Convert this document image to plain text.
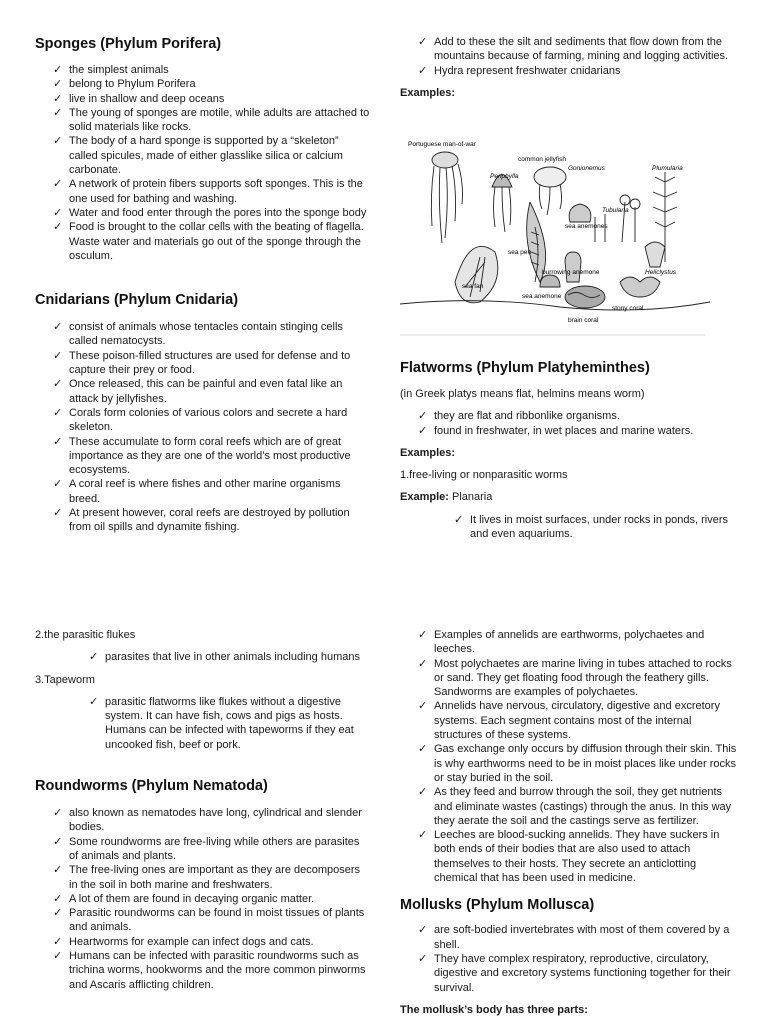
Sponges (Phylum Porifera)
✓ the simplest animals
✓ belong to Phylum Porifera
✓ live in shallow and deep oceans
✓ The young of sponges are motile, while adults are attached to solid materials like rocks.
✓ The body of a hard sponge is supported by a “skeleton” called spicules, made of either glasslike silica or calcium carbonate.
✓ A network of protein fibers supports soft sponges. This is the one used for bathing and washing.
✓ Water and food enter through the pores into the sponge body
✓ Food is brought to the collar cells with the beating of flagella. Waste water and materials go out of the sponge through the osculum.
Cnidarians (Phylum Cnidaria)
✓ consist of animals whose tentacles contain stinging cells called nematocysts.
✓ These poison-filled structures are used for defense and to capture their prey or food.
✓ Once released, this can be painful and even fatal like an attack by jellyfishes.
✓ Corals form colonies of various colors and secrete a hard skeleton.
✓ These accumulate to form coral reefs which are of great importance as they are one of the world’s most productive ecosystems.
✓ A coral reef is where fishes and other marine organisms breed.
✓ At present however, coral reefs are destroyed by pollution from oil spills and dynamite fishing.
✓ Add to these the silt and sediments that flow down from the mountains because of farming, mining and logging activities.
✓ Hydra represent freshwater cnidarians

Examples:

Portuguese man-of-war
common jellyfish
Periphylla
Gonionemus	Plumularia
Tubularia
sea anemones
sea pen
burrowing anemone	Heliclystus
sea fan
sea anemone
stony coral
brain coral
Flatworms (Phylum Platyheminthes)

(in Greek platys means flat, helmins means worm)

✓ they are flat and ribbonlike organisms.
✓ found in freshwater, in wet places and marine waters.

Examples:

1.free-living or nonparasitic worms

Example: Planaria

✓ It lives in moist surfaces, under rocks in ponds, rivers and even aquariums.

2.the parasitic flukes

✓ parasites that live in other animals including humans

3.Tapeworm

✓ parasitic flatworms like flukes without a digestive system. It can have fish, cows and pigs as hosts. Humans can be infected with tapeworms if they eat uncooked fish, beef or pork.
Roundworms (Phylum Nematoda)
✓ also known as nematodes have long, cylindrical and slender bodies.
✓ Some roundworms are free-living while others are parasites of animals and plants.
✓ The free-living ones are important as they are decomposers in the soil in both marine and freshwaters.
✓ A lot of them are found in decaying organic matter.
✓ Parasitic roundworms can be found in moist tissues of plants and animals.
✓ Heartworms for example can infect dogs and cats.
✓ Humans can be infected with parasitic roundworms such as trichina worms, hookworms and the more common pinworms and Ascaris afflicting children.
✓ Examples of annelids are earthworms, polychaetes and leeches.
✓ Most polychaetes are marine living in tubes attached to rocks or sand. They get floating food through the feathery gills. Sandworms are examples of polychaetes.
✓ Annelids have nervous, circulatory, digestive and excretory systems. Each segment contains most of the internal structures of these systems.
✓ Gas exchange only occurs by diffusion through their skin. This is why earthworms need to be in moist places like under rocks or stay buried in the soil.
✓ As they feed and burrow through the soil, they get nutrients and eliminate wastes (castings) through the anus. In this way they aerate the soil and the castings serve as fertilizer.
✓ Leeches are blood-sucking annelids. They have suckers in both ends of their bodies that are also used to attach themselves to their hosts. They secrete an anticlotting chemical that has been used in medicine.
Mollusks (Phylum Mollusca)
✓ are soft-bodied invertebrates with most of them covered by a shell.
✓ They have complex respiratory, reproductive, circulatory, digestive and excretory systems functioning together for their survival.

The mollusk’s body has three parts:
